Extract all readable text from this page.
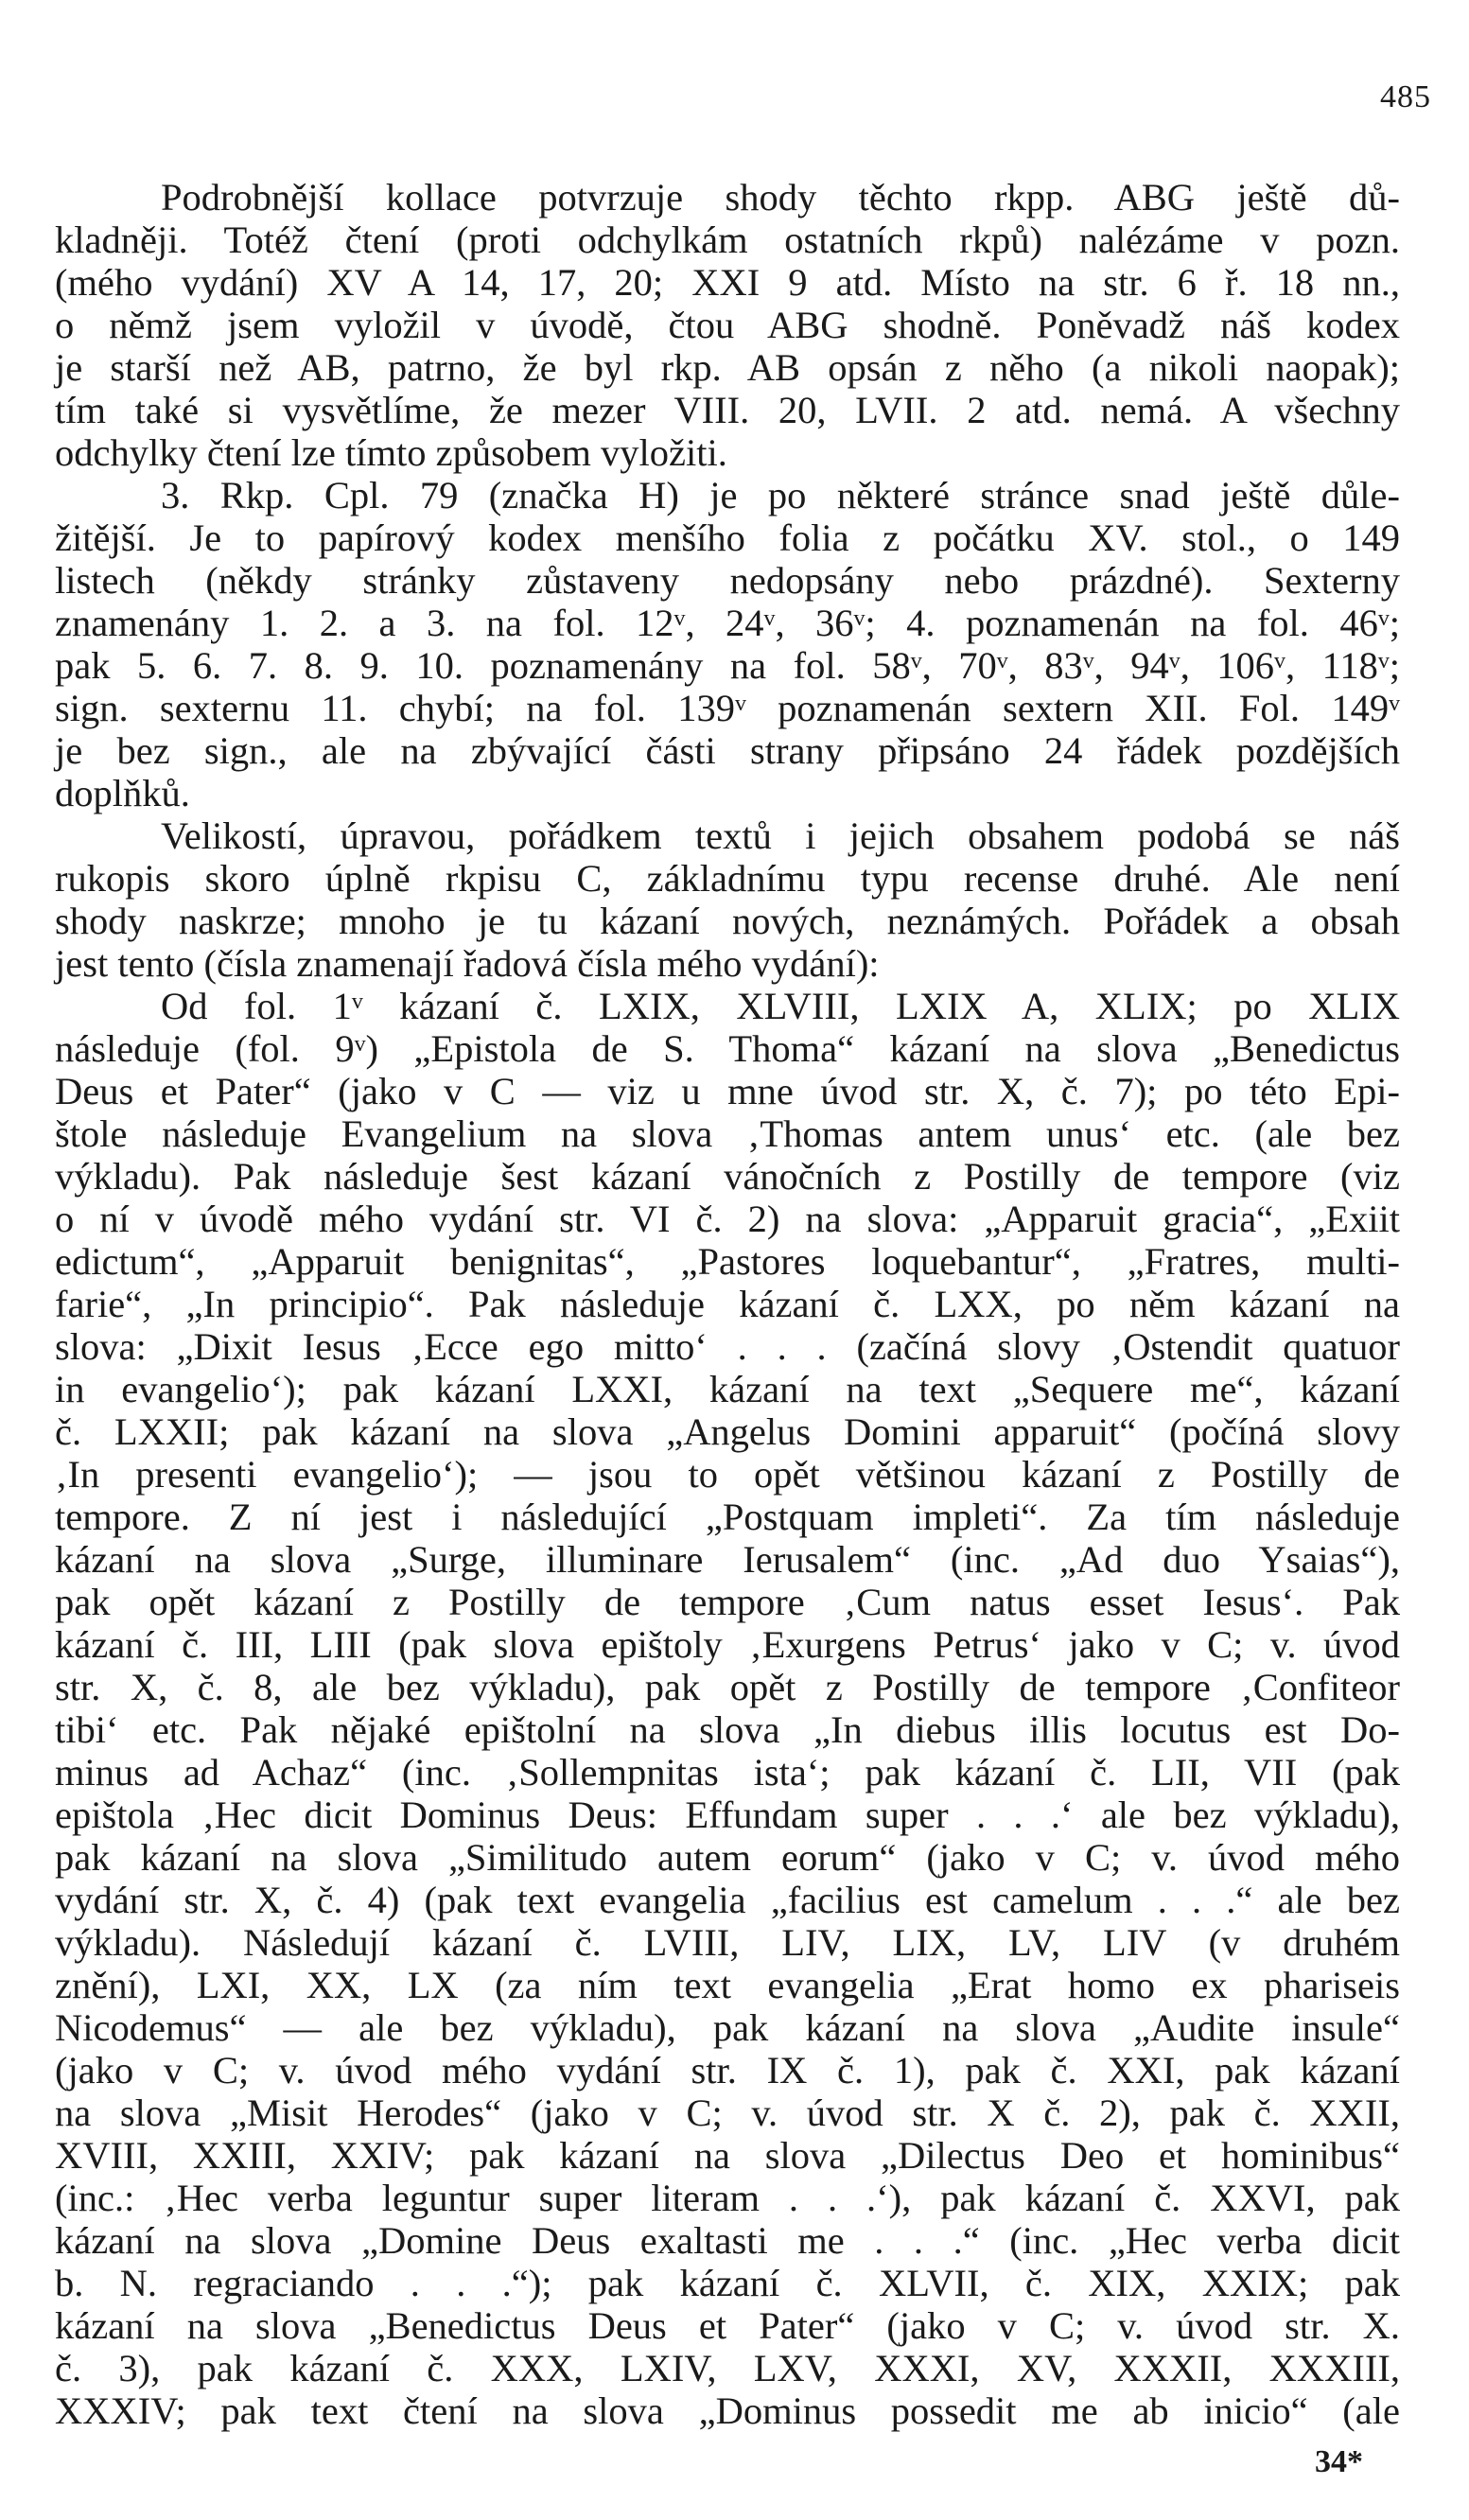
485
Podrobnější kollace potvrzuje shody těchto rkpp. ABG ještě dů-
kladněji. Totéž čtení (proti odchylkám ostatních rkpů) nalézáme v pozn.
(mého vydání) XV A 14, 17, 20; XXI 9 atd. Místo na str. 6 ř. 18 nn.,
o němž jsem vyložil v úvodě, čtou ABG shodně. Poněvadž náš kodex
je starší než AB, patrno, že byl rkp. AB opsán z něho (a nikoli naopak);
tím také si vysvětlíme, že mezer VIII. 20, LVII. 2 atd. nemá. A všechny
odchylky čtení lze tímto způsobem vyložiti.
3. Rkp. Cpl. 79 (značka H) je po některé stránce snad ještě důle-
žitější. Je to papírový kodex menšího folia z počátku XV. stol., o 149
listech (někdy stránky zůstaveny nedopsány nebo prázdné). Sexterny
znamenány 1. 2. a 3. na fol. 12ᵛ, 24ᵛ, 36ᵛ; 4. poznamenán na fol. 46ᵛ;
pak 5. 6. 7. 8. 9. 10. poznamenány na fol. 58ᵛ, 70ᵛ, 83ᵛ, 94ᵛ, 106ᵛ, 118ᵛ;
sign. sexternu 11. chybí; na fol. 139ᵛ poznamenán sextern XII. Fol. 149ᵛ
je bez sign., ale na zbývající části strany připsáno 24 řádek pozdějších
doplňků.
Velikostí, úpravou, pořádkem textů i jejich obsahem podobá se náš
rukopis skoro úplně rkpisu C, základnímu typu recense druhé. Ale není
shody naskrze; mnoho je tu kázaní nových, neznámých. Pořádek a obsah
jest tento (čísla znamenají řadová čísla mého vydání):
Od fol. 1ᵛ kázaní č. LXIX, XLVIII, LXIX A, XLIX; po XLIX
následuje (fol. 9ᵛ) „Epistola de S. Thoma“ kázaní na slova „Benedictus
Deus et Pater“ (jako v C — viz u mne úvod str. X, č. 7); po této Epi-
štole následuje Evangelium na slova ‚Thomas antem unus‘ etc. (ale bez
výkladu). Pak následuje šest kázaní vánočních z Postilly de tempore (viz
o ní v úvodě mého vydání str. VI č. 2) na slova: „Apparuit gracia“, „Exiit
edictum“, „Apparuit benignitas“, „Pastores loquebantur“, „Fratres, multi-
farie“, „In principio“. Pak následuje kázaní č. LXX, po něm kázaní na
slova: „Dixit Iesus ‚Ecce ego mitto‘ . . . (začíná slovy ‚Ostendit quatuor
in evangelio‘); pak kázaní LXXI, kázaní na text „Sequere me“, kázaní
č. LXXII; pak kázaní na slova „Angelus Domini apparuit“ (počíná slovy
‚In presenti evangelio‘); — jsou to opět většinou kázaní z Postilly de
tempore. Z ní jest i následující „Postquam impleti“. Za tím následuje
kázaní na slova „Surge, illuminare Ierusalem“ (inc. „Ad duo Ysaias“),
pak opět kázaní z Postilly de tempore ‚Cum natus esset Iesus‘. Pak
kázaní č. III, LIII (pak slova epištoly ‚Exurgens Petrus‘ jako v C; v. úvod
str. X, č. 8, ale bez výkladu), pak opět z Postilly de tempore ‚Confiteor
tibi‘ etc. Pak nějaké epištolní na slova „In diebus illis locutus est Do-
minus ad Achaz“ (inc. ‚Sollempnitas ista‘; pak kázaní č. LII, VII (pak
epištola ‚Hec dicit Dominus Deus: Effundam super . . .‘ ale bez výkladu),
pak kázaní na slova „Similitudo autem eorum“ (jako v C; v. úvod mého
vydání str. X, č. 4) (pak text evangelia „facilius est camelum . . .“ ale bez
výkladu). Následují kázaní č. LVIII, LIV, LIX, LV, LIV (v druhém
znění), LXI, XX, LX (za ním text evangelia „Erat homo ex phariseis
Nicodemus“ — ale bez výkladu), pak kázaní na slova „Audite insule“
(jako v C; v. úvod mého vydání str. IX č. 1), pak č. XXI, pak kázaní
na slova „Misit Herodes“ (jako v C; v. úvod str. X č. 2), pak č. XXII,
XVIII, XXIII, XXIV; pak kázaní na slova „Dilectus Deo et hominibus“
(inc.: ‚Hec verba leguntur super literam . . .‘), pak kázaní č. XXVI, pak
kázaní na slova „Domine Deus exaltasti me . . .“ (inc. „Hec verba dicit
b. N. regraciando . . .“); pak kázaní č. XLVII, č. XIX, XXIX; pak
kázaní na slova „Benedictus Deus et Pater“ (jako v C; v. úvod str. X.
č. 3), pak kázaní č. XXX, LXIV, LXV, XXXI, XV, XXXII, XXXIII,
XXXIV; pak text čtení na slova „Dominus possedit me ab inicio“ (ale
34*
